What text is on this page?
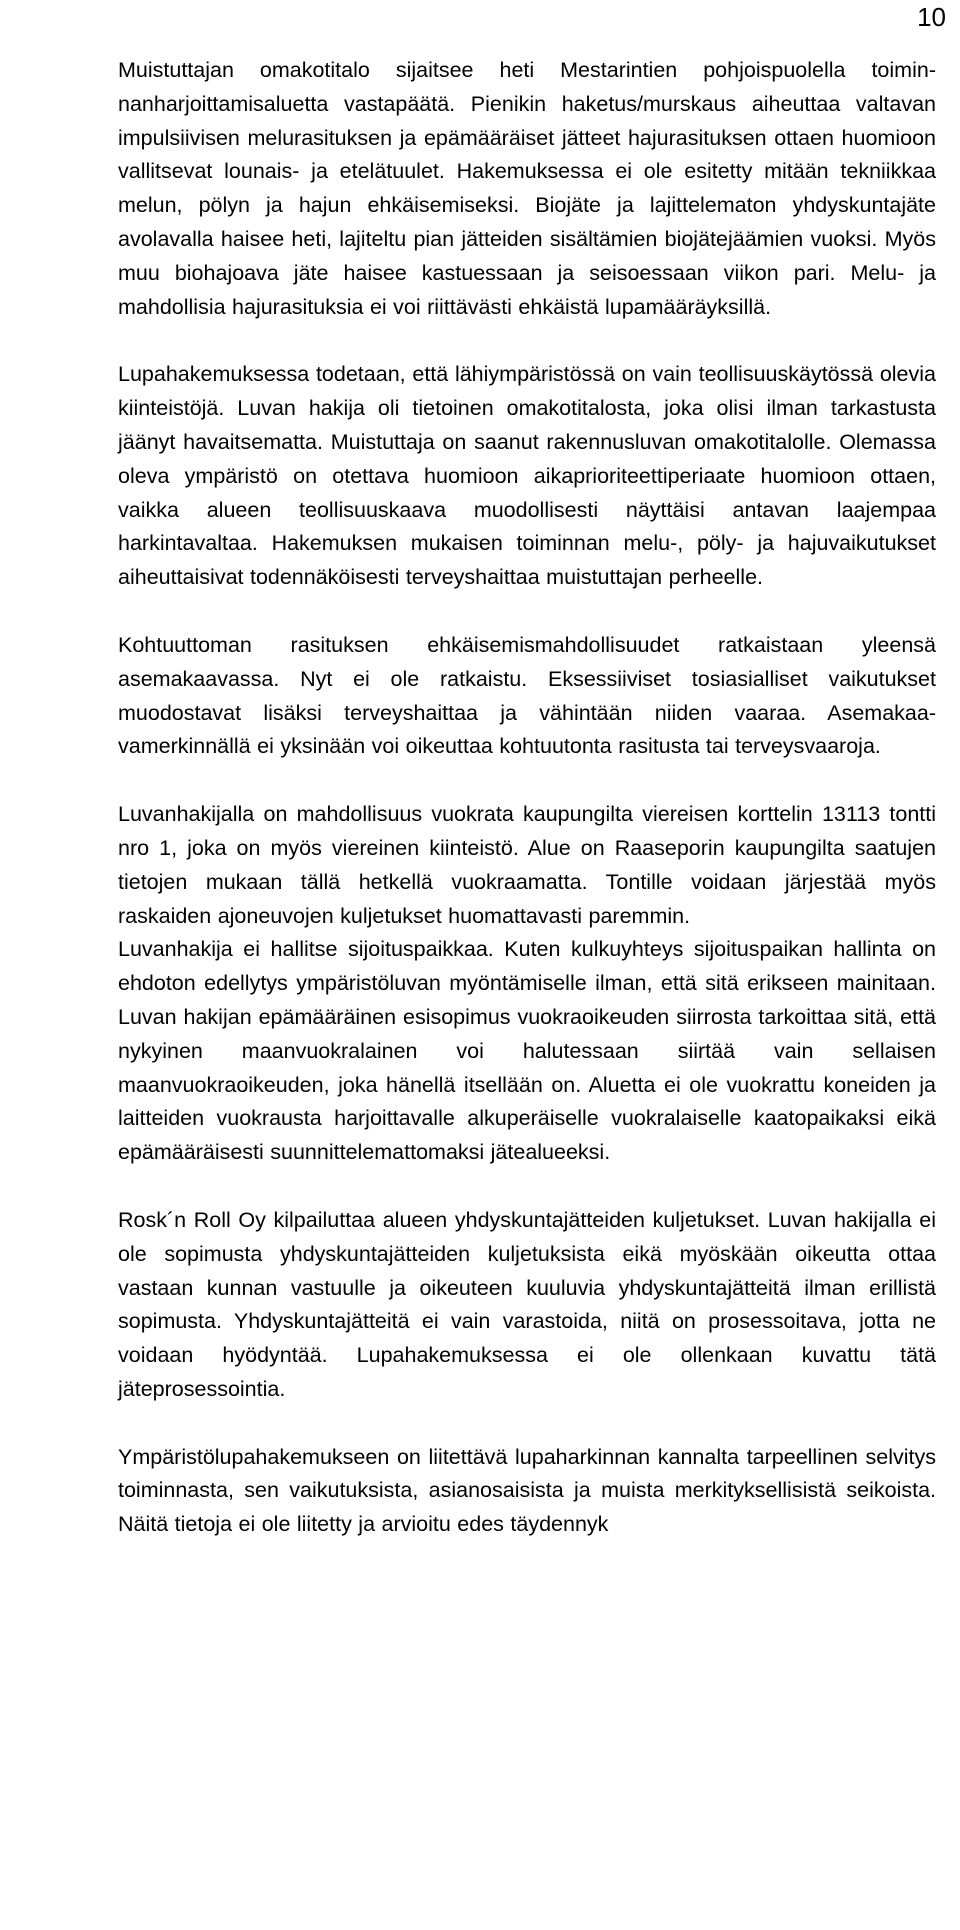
10

Muistuttajan omakotitalo sijaitsee heti Mestarintien pohjoispuolella toiminnanharjoittamisaluetta vastapäätä. Pienikin haketus/murskaus aiheuttaa valtavan impulsiivisen melurasituksen ja epämääräiset jätteet hajurasituksen ottaen huomioon vallitsevat lounais- ja etelätuulet. Hakemuksessa ei ole esitetty mitään tekniikkaa melun, pölyn ja hajun ehkäisemiseksi. Biojäte ja lajittelematon yhdyskuntajäte avolavalla haisee heti, lajiteltu pian jätteiden sisältämien biojätejäämien vuoksi. Myös muu biohajoava jäte haisee kastuessaan ja seisoessaan viikon pari. Melu- ja mahdollisia hajurasituksia ei voi riittävästi ehkäistä lupamääräyksillä.

Lupahakemuksessa todetaan, että lähiympäristössä on vain teollisuuskäytössä olevia kiinteistöjä. Luvan hakija oli tietoinen omakotitalosta, joka olisi ilman tarkastusta jäänyt havaitsematta. Muistuttaja on saanut rakennusluvan omakotitalolle. Olemassa oleva ympäristö on otettava huomioon aikaprioriteettiperiaate huomioon ottaen, vaikka alueen teollisuuskaava muodollisesti näyttäisi antavan laajempaa harkintavaltaa. Hakemuksen mukaisen toiminnan melu-, pöly- ja hajuvaikutukset aiheuttaisivat todennäköisesti terveyshaittaa muistuttajan perheelle.

Kohtuuttoman rasituksen ehkäisemismahdollisuudet ratkaistaan yleensä asemakaavassa. Nyt ei ole ratkaistu. Eksessiiviset tosiasialliset vaikutukset muodostavat lisäksi terveyshaittaa ja vähintään niiden vaaraa. Asemakaavamerkinnällä ei yksinään voi oikeuttaa kohtuutonta rasitusta tai terveysvaaroja.

Luvanhakijalla on mahdollisuus vuokrata kaupungilta viereisen korttelin 13113 tontti nro 1, joka on myös viereinen kiinteistö. Alue on Raaseporin kaupungilta saatujen tietojen mukaan tällä hetkellä vuokraamatta. Tontille voidaan järjestää myös raskaiden ajoneuvojen kuljetukset huomattavasti paremmin.

Luvanhakija ei hallitse sijoituspaikkaa. Kuten kulkuyhteys sijoituspaikan hallinta on ehdoton edellytys ympäristöluvan myöntämiselle ilman, että sitä erikseen mainitaan. Luvan hakijan epämääräinen esisopimus vuokraoikeuden siirrosta tarkoittaa sitä, että nykyinen maanvuokralainen voi halutessaan siirtää vain sellaisen maanvuokraoikeuden, joka hänellä itsellään on. Aluetta ei ole vuokrattu koneiden ja laitteiden vuokrausta harjoittavalle alkuperäiselle vuokralaiselle kaatopaikaksi eikä epämääräisesti suunnittelemattomaksi jätealueeksi.

Rosk´n Roll Oy kilpailuttaa alueen yhdyskuntajätteiden kuljetukset. Luvan hakijalla ei ole sopimusta yhdyskuntajätteiden kuljetuksista eikä myöskään oikeutta ottaa vastaan kunnan vastuulle ja oikeuteen kuuluvia yhdyskuntajätteitä ilman erillistä sopimusta. Yhdyskuntajätteitä ei vain varastoida, niitä on prosessoitava, jotta ne voidaan hyödyntää. Lupahakemuksessa ei ole ollenkaan kuvattu tätä jäteprosessointia.

Ympäristölupahakemukseen on liitettävä lupaharkinnan kannalta tarpeellinen selvitys toiminnasta, sen vaikutuksista, asianosaisista ja muista merkityksellisistä seikoista. Näitä tietoja ei ole liitetty ja arvioitu edes täydennyk
